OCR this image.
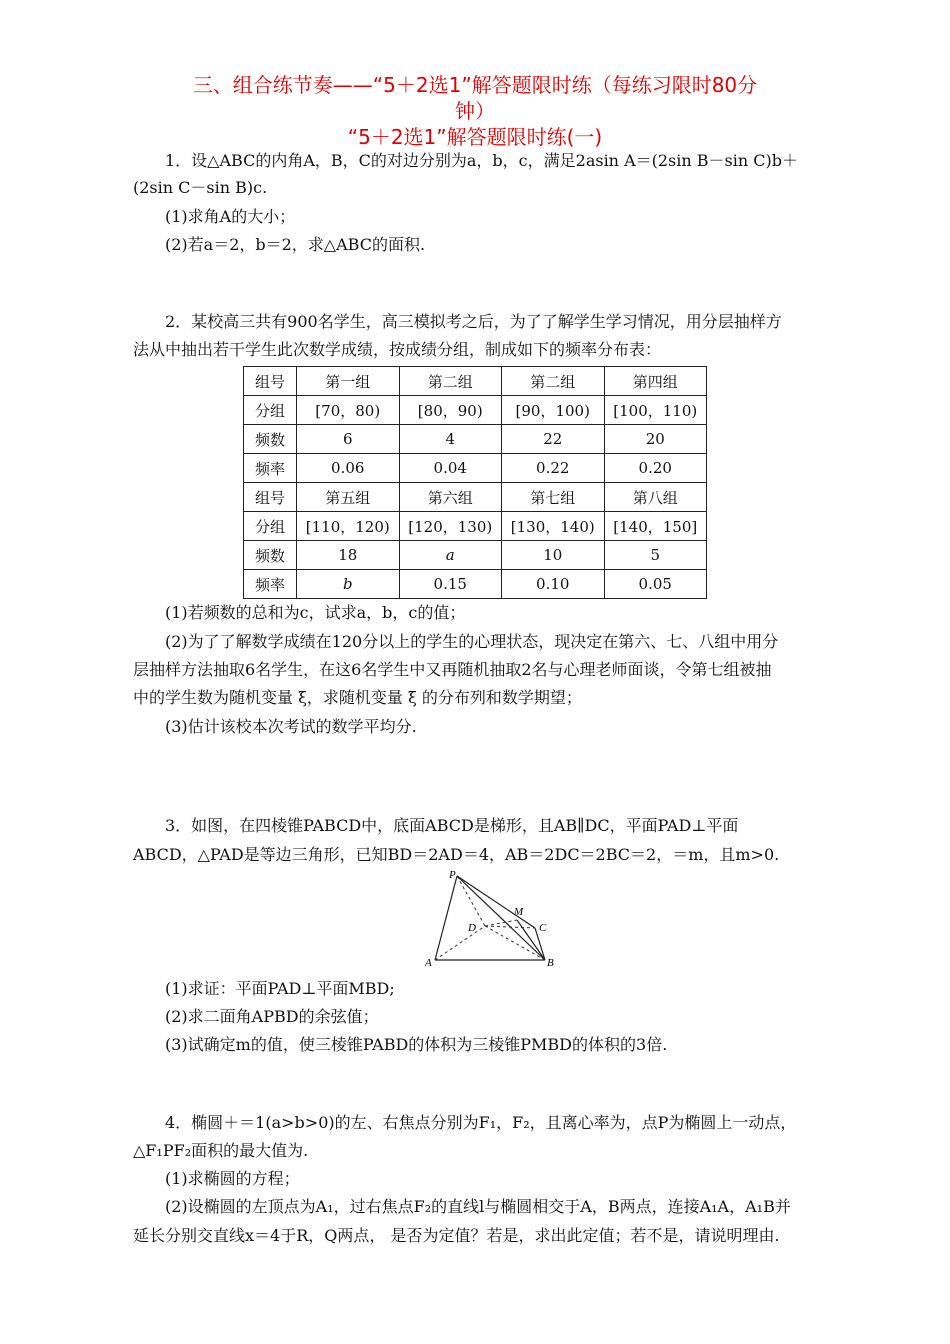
三、组合练节奏——“5＋2选1”解答题限时练（每练习限时80分
钟）
“5＋2选1”解答题限时练(一)
1．设△ABC的内角A，B，C的对边分别为a，b，c，满足2asin A＝(2sin B－sin C)b＋
(2sin C－sin B)c.
(1)求角A的大小；
(2)若a＝2，b＝2，求△ABC的面积.
2．某校高三共有900名学生，高三模拟考之后，为了了解学生学习情况，用分层抽样方
法从中抽出若干学生此次数学成绩，按成绩分组，制成如下的频率分布表：
组号	第一组	第二组	第二组	第四组
分组	[70，80)	[80，90)	[90，100)	[100，110)
频数	6	4	22	20
频率	0.06	0.04	0.22	0.20
组号	第五组	第六组	第七组	第八组
分组	[110，120)	[120，130)	[130，140)	[140，150]
频数	18	a	10	5
频率	b	0.15	0.10	0.05
(1)若频数的总和为c，试求a，b，c的值；
(2)为了了解数学成绩在120分以上的学生的心理状态，现决定在第六、七、八组中用分
层抽样方法抽取6名学生，在这6名学生中又再随机抽取2名与心理老师面谈，令第七组被抽
中的学生数为随机变量 ξ，求随机变量 ξ 的分布列和数学期望；
(3)估计该校本次考试的数学平均分.
3．如图，在四棱锥PABCD中，底面ABCD是梯形，且AB∥DC，平面PAD⊥平面
ABCD，△PAD是等边三角形，已知BD＝2AD＝4，AB＝2DC＝2BC＝2，＝m，且m>0.
P
M
D	C
A	B
(1)求证：平面PAD⊥平面MBD;
(2)求二面角APBD的余弦值；
(3)试确定m的值，使三棱锥PABD的体积为三棱锥PMBD的体积的3倍.
4．椭圆＋＝1(a>b>0)的左、右焦点分别为F₁，F₂，且离心率为，点P为椭圆上一动点，
△F₁PF₂面积的最大值为.
(1)求椭圆的方程；
(2)设椭圆的左顶点为A₁，过右焦点F₂的直线l与椭圆相交于A，B两点，连接A₁A，A₁B并
延长分别交直线x＝4于R，Q两点， 是否为定值？若是，求出此定值；若不是，请说明理由.
